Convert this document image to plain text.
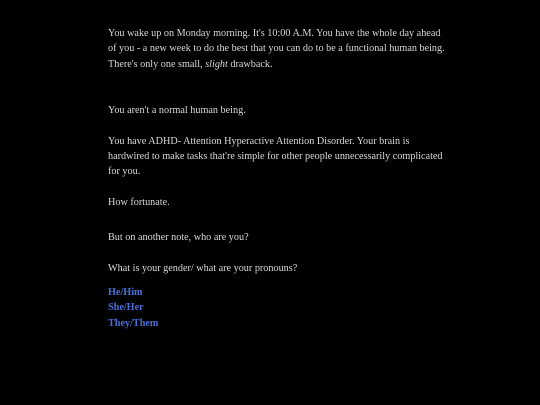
You wake up on Monday morning. It's 10:00 A.M. You have the whole day ahead of you - a new week to do the best that you can do to be a functional human being. There's only one small, slight drawback.

You aren't a normal human being.

You have ADHD- Attention Hyperactive Attention Disorder. Your brain is hardwired to make tasks that're simple for other people unnecessarily complicated for you.

How fortunate.

But on another note, who are you?

What is your gender/ what are your pronouns?

He/Him
She/Her
They/Them
